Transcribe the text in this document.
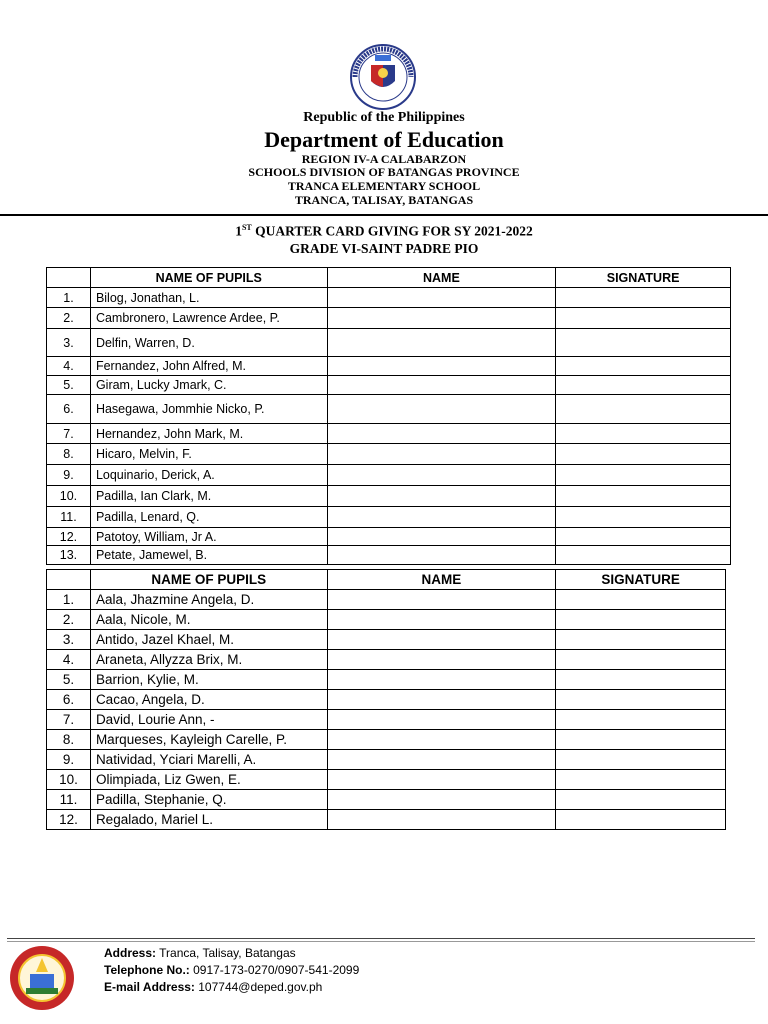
Republic of the Philippines
Department of Education
REGION IV-A CALABARZON
SCHOOLS DIVISION OF BATANGAS PROVINCE
TRANCA ELEMENTARY SCHOOL
TRANCA, TALISAY, BATANGAS
1ST QUARTER CARD GIVING FOR SY 2021-2022
GRADE VI-SAINT PADRE PIO
	NAME OF PUPILS	NAME	SIGNATURE
1.	Bilog, Jonathan, L.		
2.	Cambronero, Lawrence Ardee, P.		
3.	Delfin, Warren, D.		
4.	Fernandez, John Alfred, M.		
5.	Giram, Lucky Jmark, C.		
6.	Hasegawa, Jommhie Nicko, P.		
7.	Hernandez, John Mark, M.		
8.	Hicaro, Melvin, F.		
9.	Loquinario, Derick, A.		
10.	Padilla, Ian Clark, M.		
11.	Padilla, Lenard, Q.		
12.	Patotoy, William, Jr A.		
13.	Petate, Jamewel, B.		
	NAME OF PUPILS	NAME	SIGNATURE
1.	Aala, Jhazmine Angela, D.		
2.	Aala, Nicole, M.		
3.	Antido, Jazel Khael, M.		
4.	Araneta, Allyzza Brix, M.		
5.	Barrion, Kylie, M.		
6.	Cacao, Angela, D.		
7.	David, Lourie Ann, -		
8.	Marqueses, Kayleigh Carelle, P.		
9.	Natividad, Yciari Marelli, A.		
10.	Olimpiada, Liz Gwen, E.		
11.	Padilla, Stephanie, Q.		
12.	Regalado, Mariel L.		
Address: Tranca, Talisay, Batangas
Telephone No.: 0917-173-0270/0907-541-2099
E-mail Address: 107744@deped.gov.ph
